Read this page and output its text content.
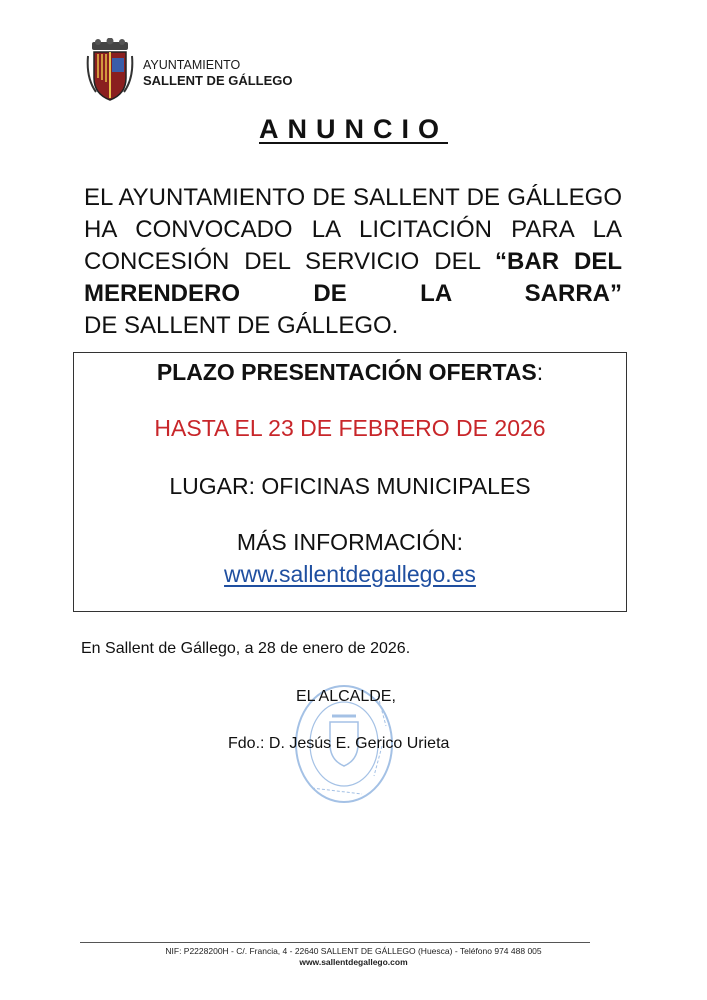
AYUNTAMIENTO
SALLENT DE GÁLLEGO
ANUNCIO
EL AYUNTAMIENTO DE SALLENT DE GÁLLEGO HA CONVOCADO LA LICITACIÓN PARA LA CONCESIÓN DEL SERVICIO DEL “BAR DEL MERENDERO DE LA SARRA”
DE SALLENT DE GÁLLEGO.
PLAZO PRESENTACIÓN OFERTAS:
HASTA EL 23 DE FEBRERO DE 2026
LUGAR: OFICINAS MUNICIPALES
MÁS INFORMACIÓN:
www.sallentdegallego.es
En Sallent de Gállego, a 28 de enero de 2026.
EL ALCALDE,
Fdo.: D. Jesús E. Gerico Urieta
NIF: P2228200H - C/. Francia, 4 - 22640 SALLENT DE GÁLLEGO (Huesca) - Teléfono 974 488 005
www.sallentdegallego.com
